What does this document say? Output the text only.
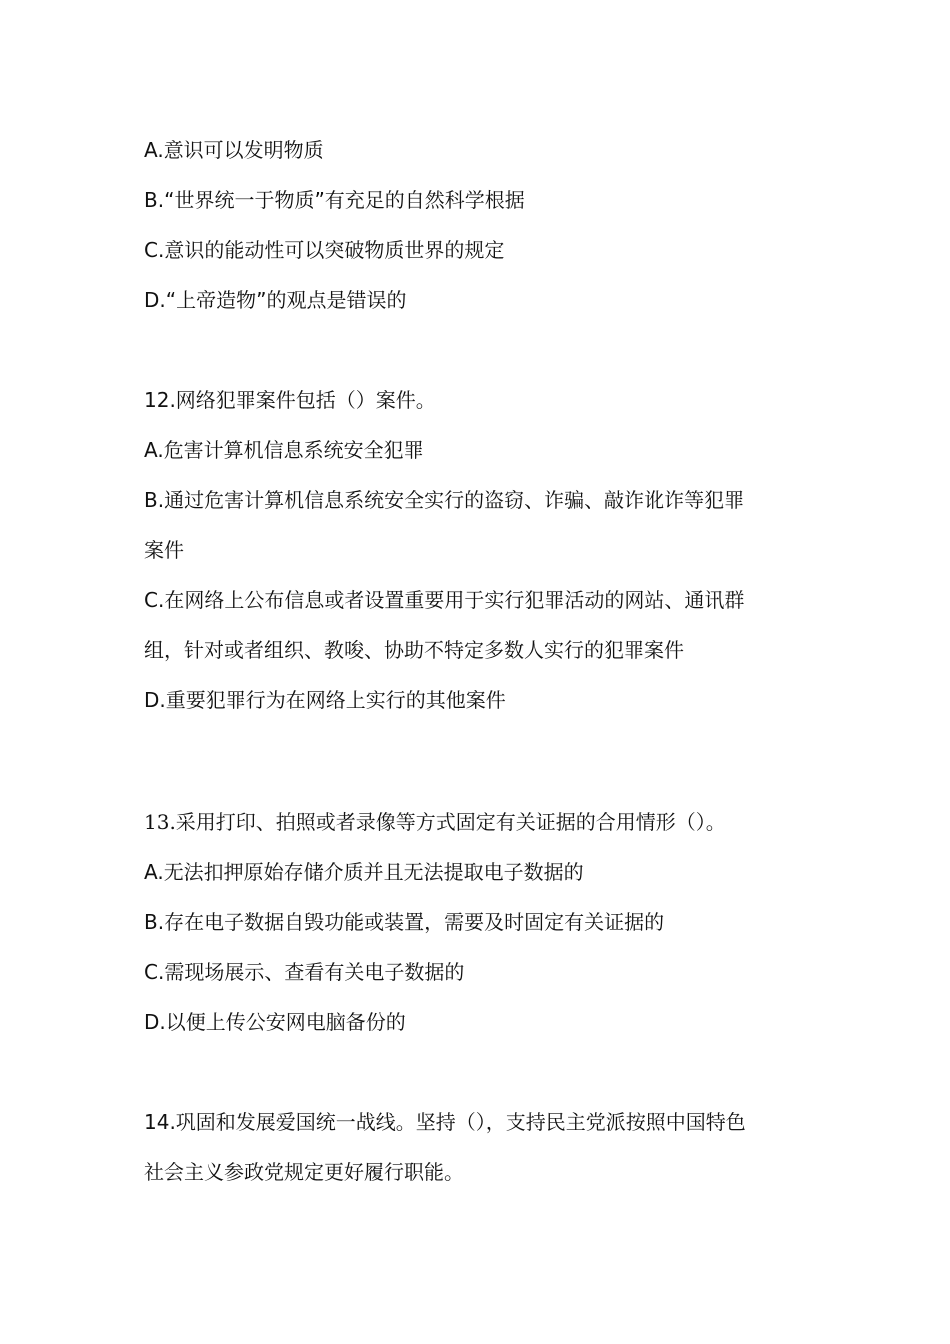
A.意识可以发明物质
B.“世界统一于物质”有充足的自然科学根据
C.意识的能动性可以突破物质世界的规定
D.“上帝造物”的观点是错误的
12.网络犯罪案件包括（）案件。
A.危害计算机信息系统安全犯罪
B.通过危害计算机信息系统安全实行的盗窃、诈骗、敲诈讹诈等犯罪
案件
C.在网络上公布信息或者设置重要用于实行犯罪活动的网站、通讯群
组，针对或者组织、教唆、协助不特定多数人实行的犯罪案件
D.重要犯罪行为在网络上实行的其他案件
13.采用打印、拍照或者录像等方式固定有关证据的合用情形（）。
A.无法扣押原始存储介质并且无法提取电子数据的
B.存在电子数据自毁功能或装置，需要及时固定有关证据的
C.需现场展示、查看有关电子数据的
D.以便上传公安网电脑备份的
14.巩固和发展爱国统一战线。坚持（），支持民主党派按照中国特色
社会主义参政党规定更好履行职能。
